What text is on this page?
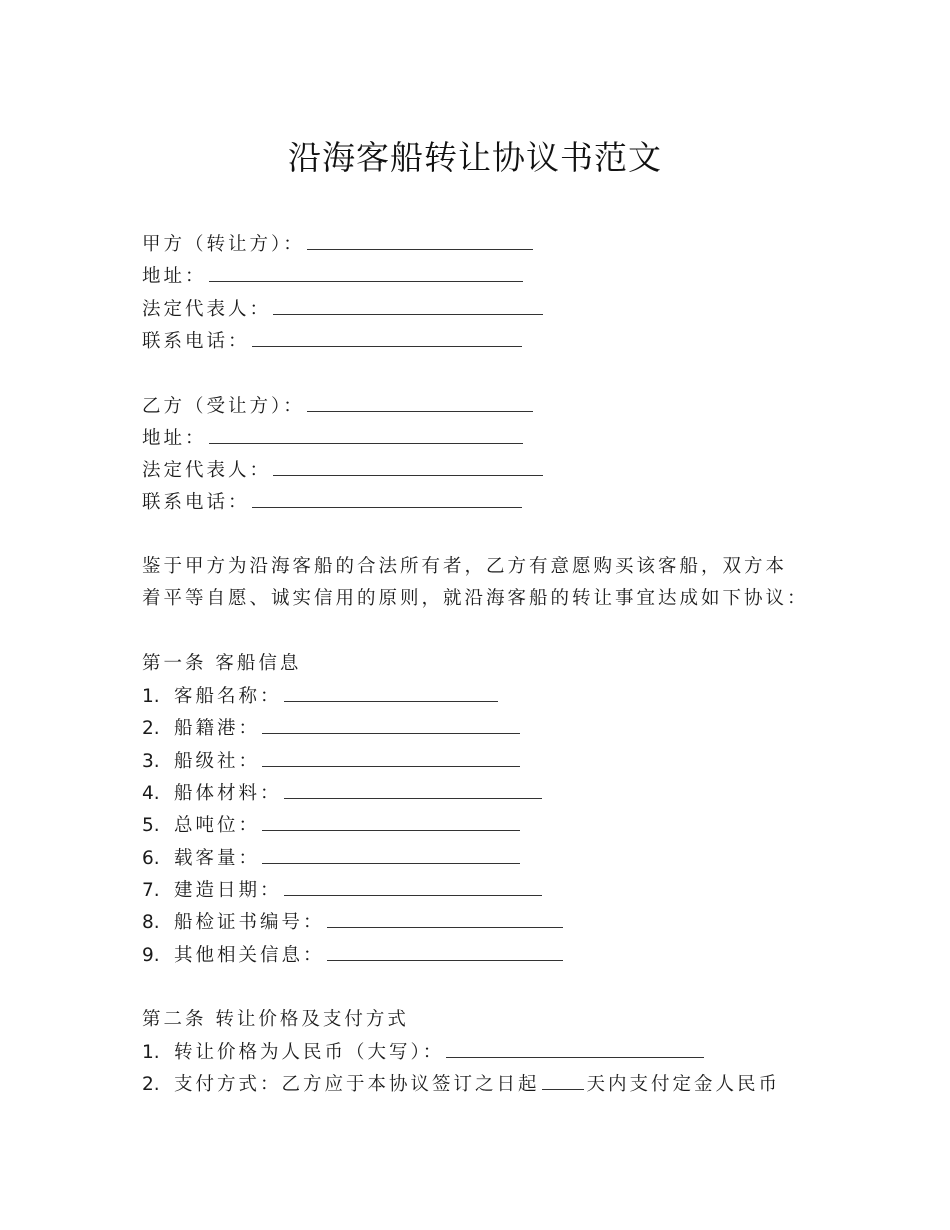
沿海客船转让协议书范文
甲方（转让方）：
地址：
法定代表人：
联系电话：
乙方（受让方）：
地址：
法定代表人：
联系电话：
鉴于甲方为沿海客船的合法所有者，乙方有意愿购买该客船，双方本
着平等自愿、诚实信用的原则，就沿海客船的转让事宜达成如下协议：
第一条 客船信息
1. 客船名称：
2. 船籍港：
3. 船级社：
4. 船体材料：
5. 总吨位：
6. 载客量：
7. 建造日期：
8. 船检证书编号：
9. 其他相关信息：
第二条 转让价格及支付方式
1. 转让价格为人民币（大写）：
2. 支付方式：乙方应于本协议签订之日起	天内支付定金人民币
